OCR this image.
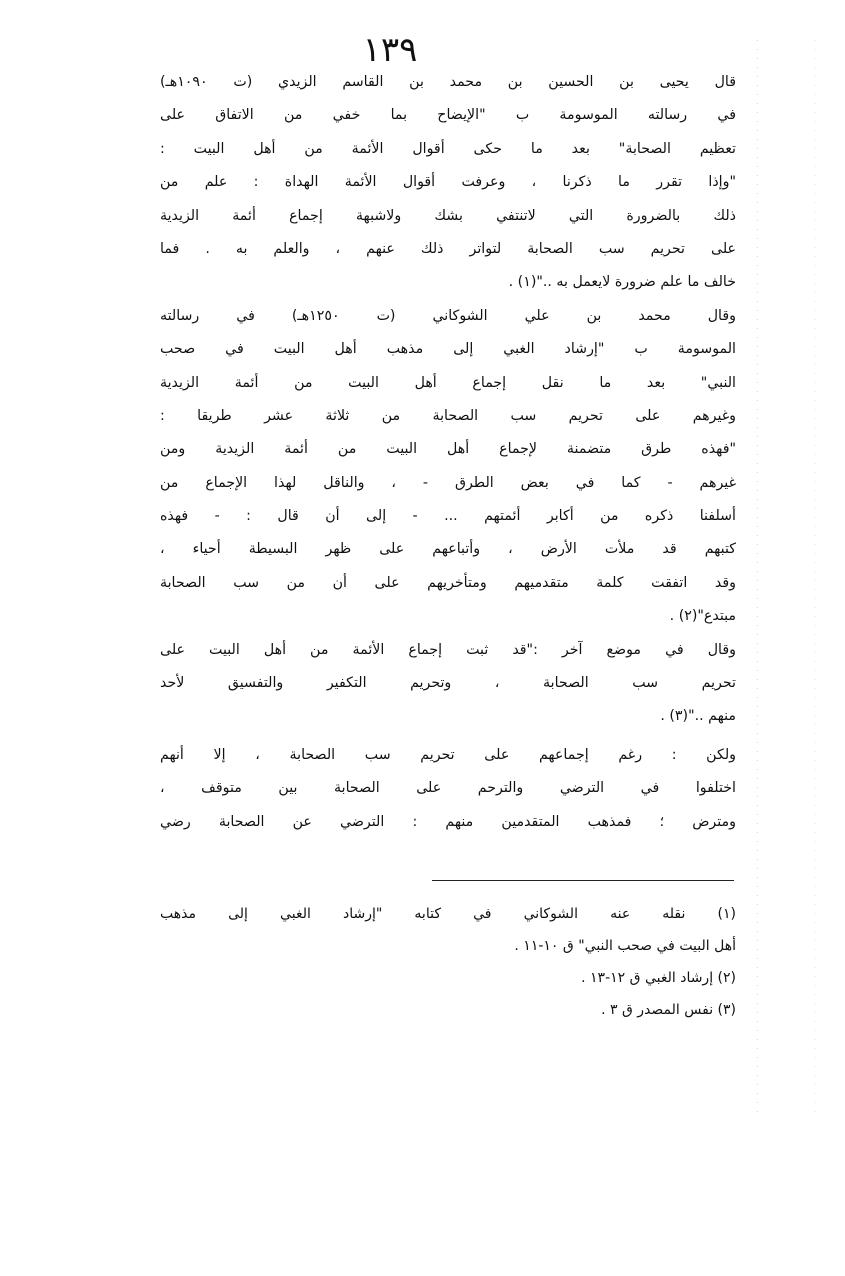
١٣٩
قال يحيى بن الحسين بن محمد بن القاسم الزيدي (ت ١٠٩٠هـ)
في رسالته الموسومة ب "الإيضاح بما خفي من الاتفاق على
تعظيم الصحابة" بعد ما حكى أقوال الأئمة من أهل البيت :
"وإذا تقرر ما ذكرنا ، وعرفت أقوال الأئمة الهداة : علم من
ذلك بالضرورة التي لاتنتفي بشك ولاشبهة إجماع أئمة الزيدية
على تحريم سب الصحابة لتواتر ذلك عنهم ، والعلم به . فما
خالف ما علم ضرورة لايعمل به .."(١) .
وقال محمد بن علي الشوكاني (ت ١٢٥٠هـ) في رسالته
الموسومة ب "إرشاد الغبي إلى مذهب أهل البيت في صحب
النبي" بعد ما نقل إجماع أهل البيت من أئمة الزيدية
وغيرهم على تحريم سب الصحابة من ثلاثة عشر طريقا :
"فهذه طرق متضمنة لإجماع أهل البيت من أئمة الزيدية ومن
غيرهم - كما في بعض الطرق - ، والناقل لهذا الإجماع من
أسلفنا ذكره من أكابر أئمتهم ... - إلى أن قال : - فهذه
كتبهم قد ملأت الأرض ، وأتباعهم على ظهر البسيطة أحياء ،
وقد اتفقت كلمة متقدميهم ومتأخريهم على أن من سب الصحابة
مبتدع"(٢) .
وقال في موضع آخر :"قد ثبت إجماع الأئمة من أهل البيت على
تحريم سب الصحابة ، وتحريم التكفير والتفسيق لأحد
منهم .."(٣) .
ولكن : رغم إجماعهم على تحريم سب الصحابة ، إلا أنهم
اختلفوا في الترضي والترحم على الصحابة بين متوقف ،
ومترض ؛ فمذهب المتقدمين منهم : الترضي عن الصحابة رضي
(١) نقله عنه الشوكاني في كتابه "إرشاد الغبي إلى مذهب
أهل البيت في صحب النبي" ق ١٠-١١ .
(٢) إرشاد الغبي ق ١٢-١٣ .
(٣) نفس المصدر ق ٣ .
